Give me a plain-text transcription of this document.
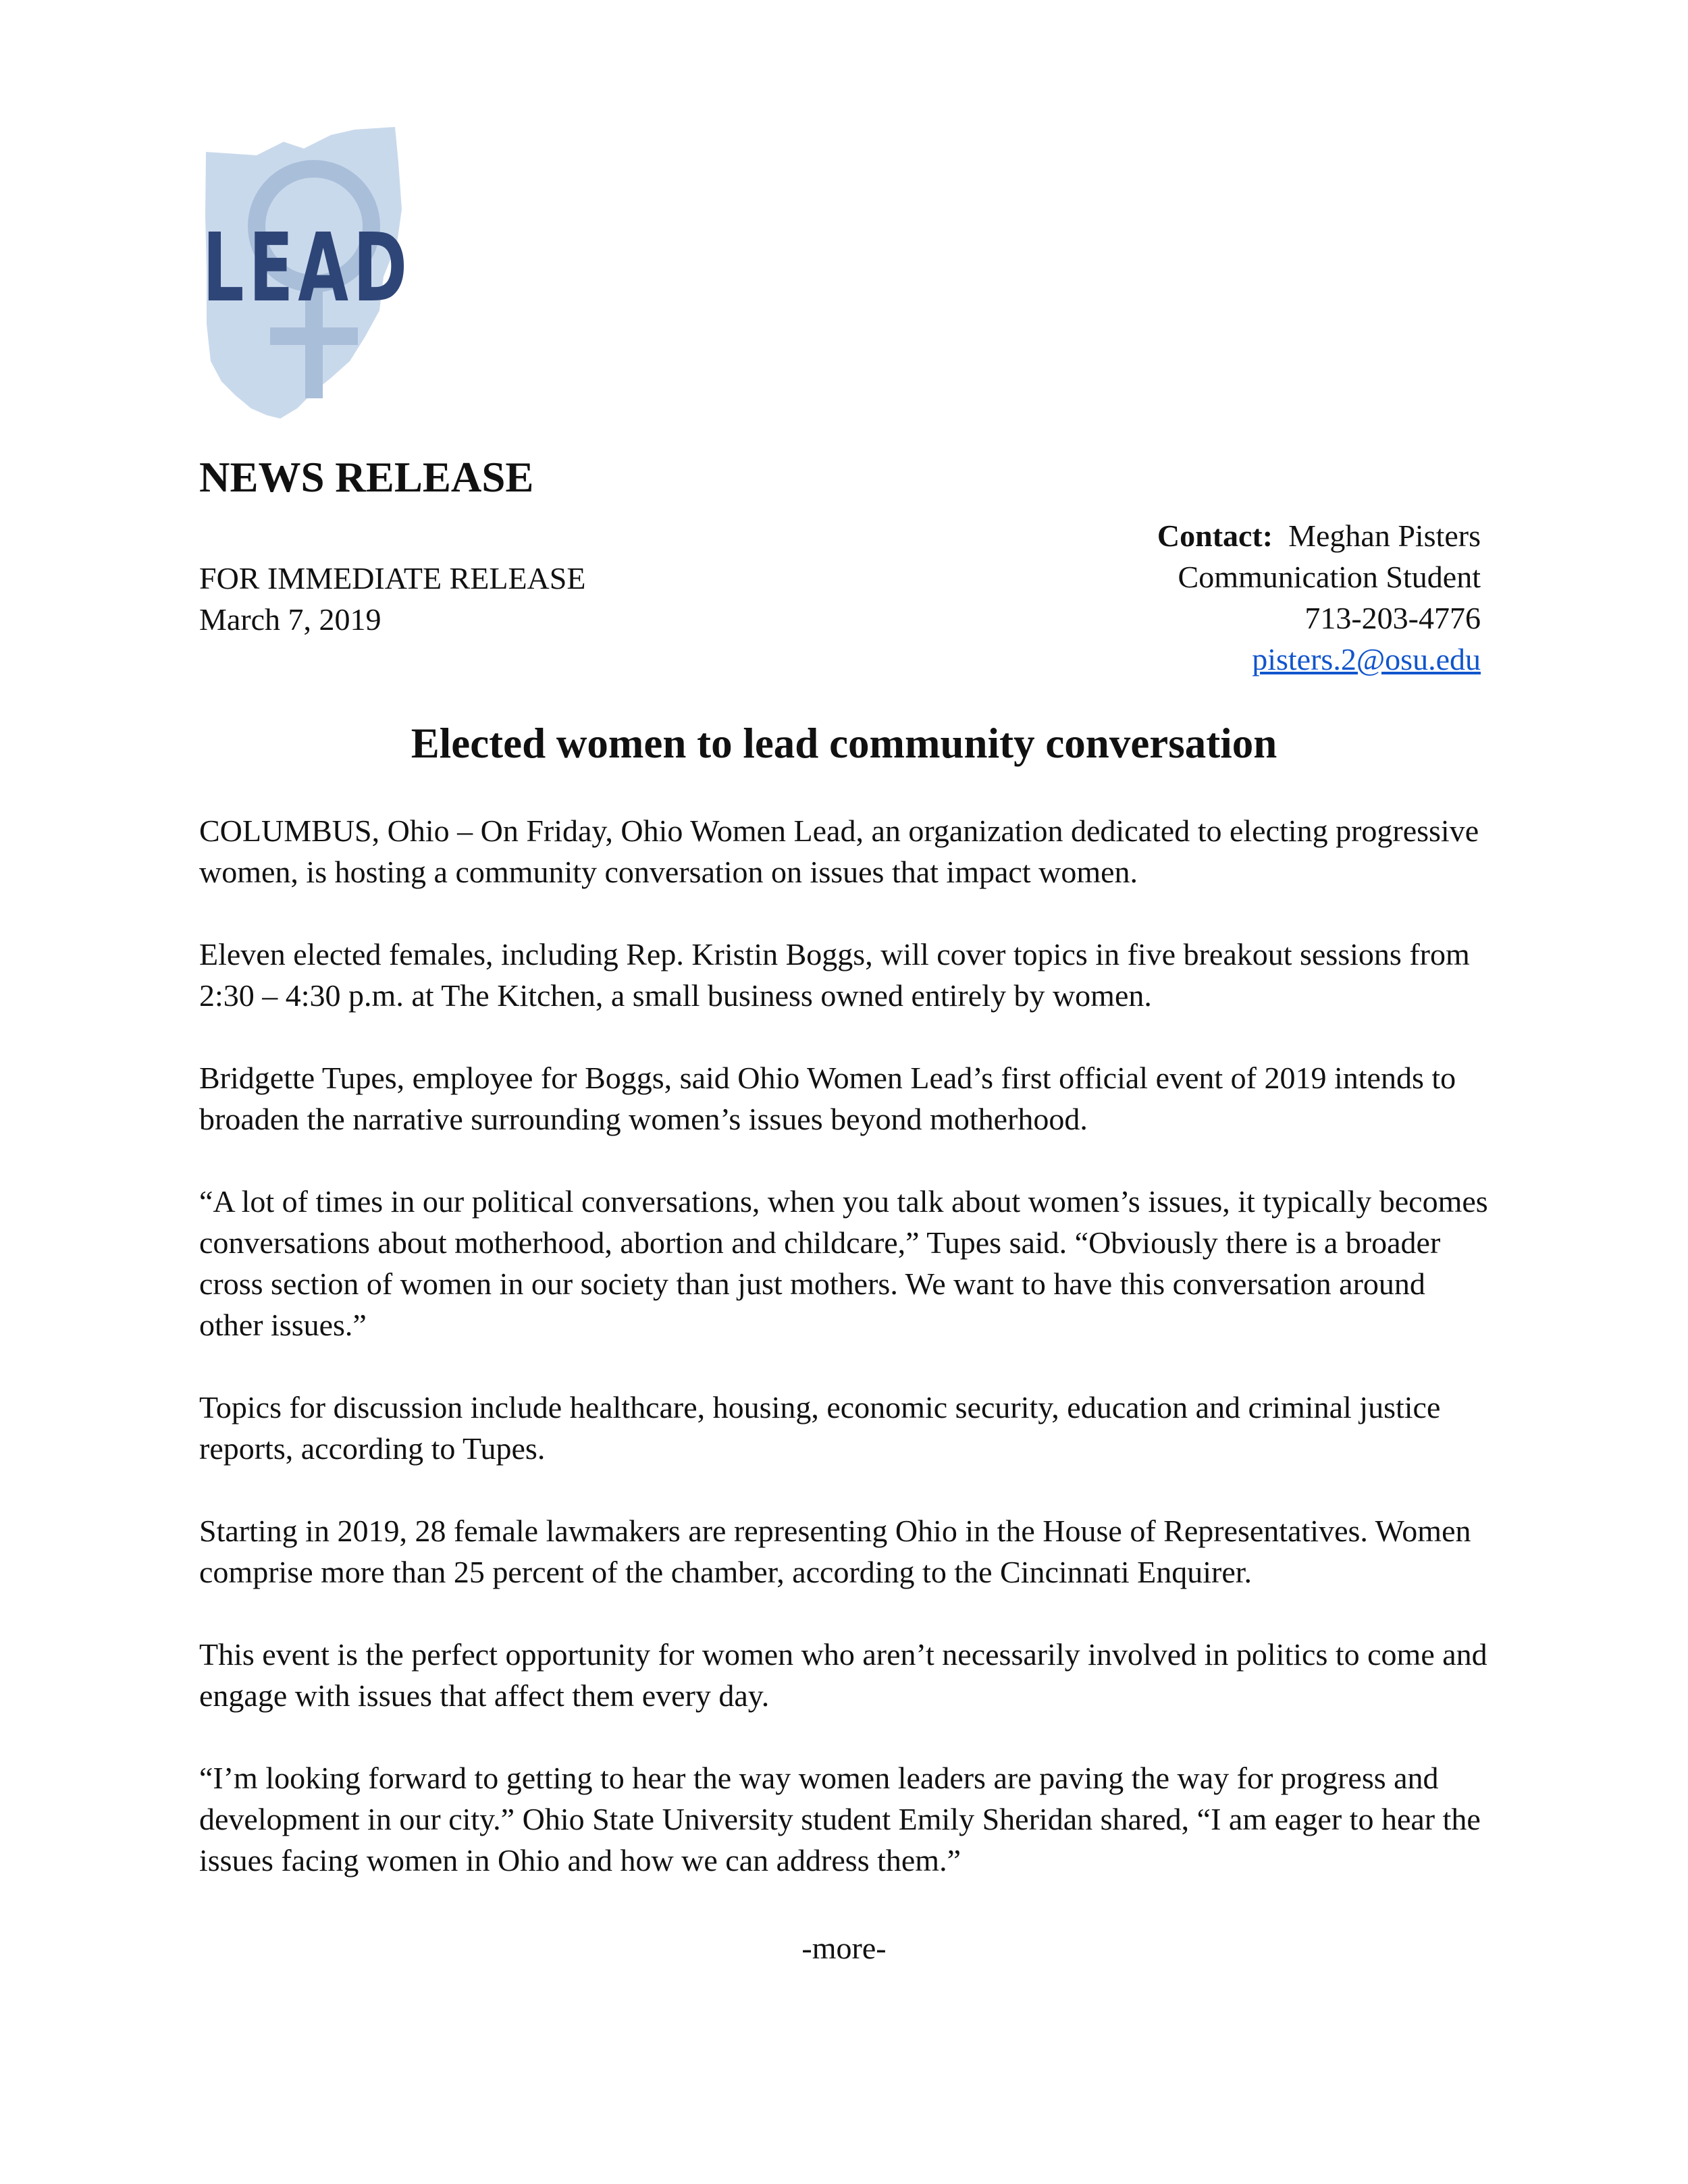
LEAD
NEWS RELEASE
Contact: Meghan Pisters
Communication Student
713-203-4776
pisters.2@osu.edu
FOR IMMEDIATE RELEASE
March 7, 2019
Elected women to lead community conversation

COLUMBUS, Ohio – On Friday, Ohio Women Lead, an organization dedicated to electing progressive women, is hosting a community conversation on issues that impact women.

Eleven elected females, including Rep. Kristin Boggs, will cover topics in five breakout sessions from 2:30 – 4:30 p.m. at The Kitchen, a small business owned entirely by women.

Bridgette Tupes, employee for Boggs, said Ohio Women Lead’s first official event of 2019 intends to broaden the narrative surrounding women’s issues beyond motherhood.

“A lot of times in our political conversations, when you talk about women’s issues, it typically becomes conversations about motherhood, abortion and childcare,” Tupes said. “Obviously there is a broader cross section of women in our society than just mothers. We want to have this conversation around other issues.”

Topics for discussion include healthcare, housing, economic security, education and criminal justice reports, according to Tupes.

Starting in 2019, 28 female lawmakers are representing Ohio in the House of Representatives. Women comprise more than 25 percent of the chamber, according to the Cincinnati Enquirer.

This event is the perfect opportunity for women who aren’t necessarily involved in politics to come and engage with issues that affect them every day.

“I’m looking forward to getting to hear the way women leaders are paving the way for progress and development in our city.” Ohio State University student Emily Sheridan shared, “I am eager to hear the issues facing women in Ohio and how we can address them.”

-more-
